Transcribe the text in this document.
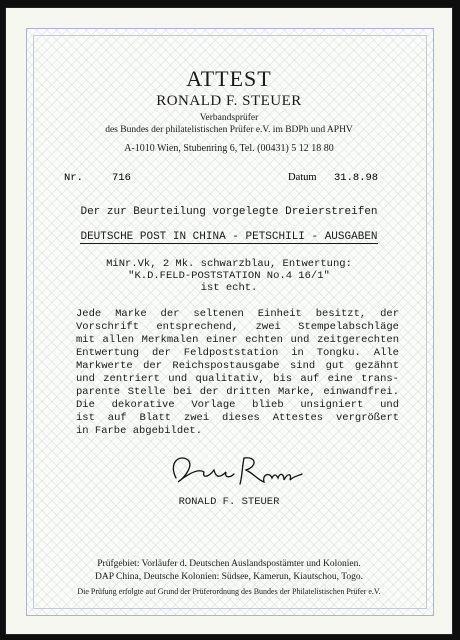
ATTEST
RONALD F. STEUER
Verbandsprüfer
des Bundes der philatelistischen Prüfer e.V. im BDPh und APHV
A-1010 Wien, Stubenring 6, Tel. (00431) 5 12 18 80
Nr.	716	Datum 31.8.98
Der zur Beurteilung vorgelegte Dreierstreifen
DEUTSCHE POST IN CHINA - PETSCHILI - AUSGABEN
MiNr.Vk, 2 Mk. schwarzblau, Entwertung:
"K.D.FELD-POSTSTATION No.4 16/1"
ist echt.
Jede Marke der seltenen Einheit besitzt, der
Vorschrift entsprechend, zwei Stempelabschläge
mit allen Merkmalen einer echten und zeitgerechten
Entwertung der Feldpoststation in Tongku. Alle
Markwerte der Reichspostausgabe sind gut gezähnt
und zentriert und qualitativ, bis auf eine trans-
parente Stelle bei der dritten Marke, einwandfrei.
Die dekorative Vorlage blieb unsigniert und
ist auf Blatt zwei dieses Attestes vergrößert
in Farbe abgebildet.
RONALD F. STEUER
Prüfgebiet: Vorläufer d. Deutschen Auslandspostämter und Kolonien.
DAP China, Deutsche Kolonien: Südsee, Kamerun, Kiautschou, Togo.
Die Prüfung erfolgte auf Grund der Prüferordnung des Bundes der Philatelistischen Prüfer e.V.
